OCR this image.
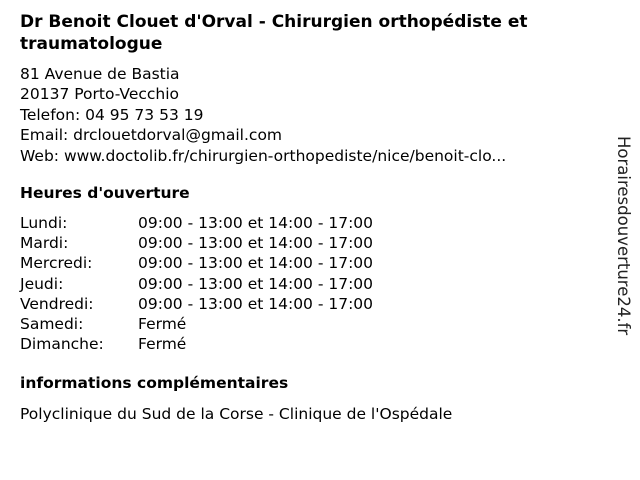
Dr Benoit Clouet d'Orval - Chirurgien orthopédiste et traumatologue
81 Avenue de Bastia
20137 Porto-Vecchio
Telefon: 04 95 73 53 19
Email: drclouetdorval@gmail.com
Web: www.doctolib.fr/chirurgien-orthopediste/nice/benoit-clo...
Heures d'ouverture
Lundi:	09:00 - 13:00 et 14:00 - 17:00
Mardi:	09:00 - 13:00 et 14:00 - 17:00
Mercredi:	09:00 - 13:00 et 14:00 - 17:00
Jeudi:	09:00 - 13:00 et 14:00 - 17:00
Vendredi:	09:00 - 13:00 et 14:00 - 17:00
Samedi:	Fermé
Dimanche:	Fermé
informations complémentaires
Polyclinique du Sud de la Corse - Clinique de l'Ospédale
Horairesdouverture24.fr
